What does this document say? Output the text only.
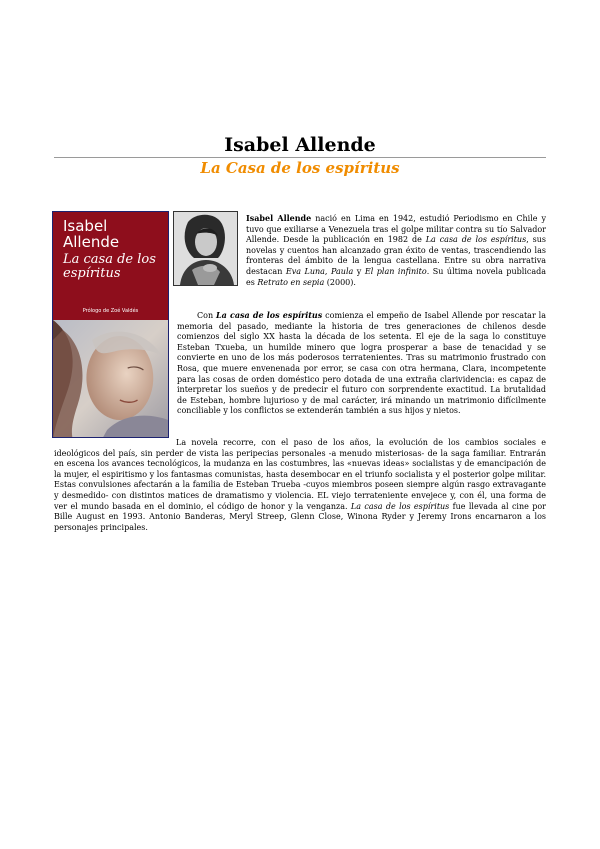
Isabel Allende
La Casa de los espíritus
Isabel Allende
La casa de los espíritus
Prólogo de Zoé Valdés

Isabel Allende nació en Lima en 1942, estudió Periodismo en Chile y tuvo que exiliarse a Venezuela tras el golpe militar contra su tío Salvador Allende. Desde la publicación en 1982 de La casa de los espíritus, sus novelas y cuentos han alcanzado gran éxito de ventas, trascendiendo las fronteras del ámbito de la lengua castellana. Entre su obra narrativa destacan Eva Luna, Paula y El plan infinito. Su última novela publicada es Retrato en sepia (2000).

Con La casa de los espíritus comienza el empeño de Isabel Allende por rescatar la memoria del pasado, mediante la historia de tres generaciones de chilenos desde comienzos del siglo XX hasta la década de los setenta. El eje de la saga lo constituye Esteban Txueba, un humilde minero que logra prosperar a base de tenacidad y se convierte en uno de los más poderosos terratenientes. Tras su matrimonio frustrado con Rosa, que muere envenenada por error, se casa con otra hermana, Clara, incompetente para las cosas de orden doméstico pero dotada de una extraña clarividencia: es capaz de interpretar los sueños y de predecir el futuro con sorprendente exactitud. La brutalidad de Esteban, hombre lujurioso y de mal carácter, irá minando un matrimonio difícilmente conciliable y los conflictos se extenderán también a sus hijos y nietos.

La novela recorre, con el paso de los años, la evolución de los cambios sociales e ideológicos del país, sin perder de vista las peripecias personales -a menudo misteriosas- de la saga familiar. Entrarán en escena los avances tecnológicos, la mudanza en las costumbres, las «nuevas ideas» socialistas y de emancipación de la mujer, el espiritismo y los fantasmas comunistas, hasta desembocar en el triunfo socialista y el posterior golpe militar. Estas convulsiones afectarán a la familia de Esteban Trueba -cuyos miembros poseen siempre algún rasgo extravagante y desmedido- con distintos matices de dramatismo y violencia. EL viejo terrateniente envejece y, con él, una forma de ver el mundo basada en el dominio, el código de honor y la venganza. La casa de los espíritus fue llevada al cine por Bille August en 1993. Antonio Banderas, Meryl Streep, Glenn Close, Winona Ryder y Jeremy Irons encarnaron a los personajes principales.
